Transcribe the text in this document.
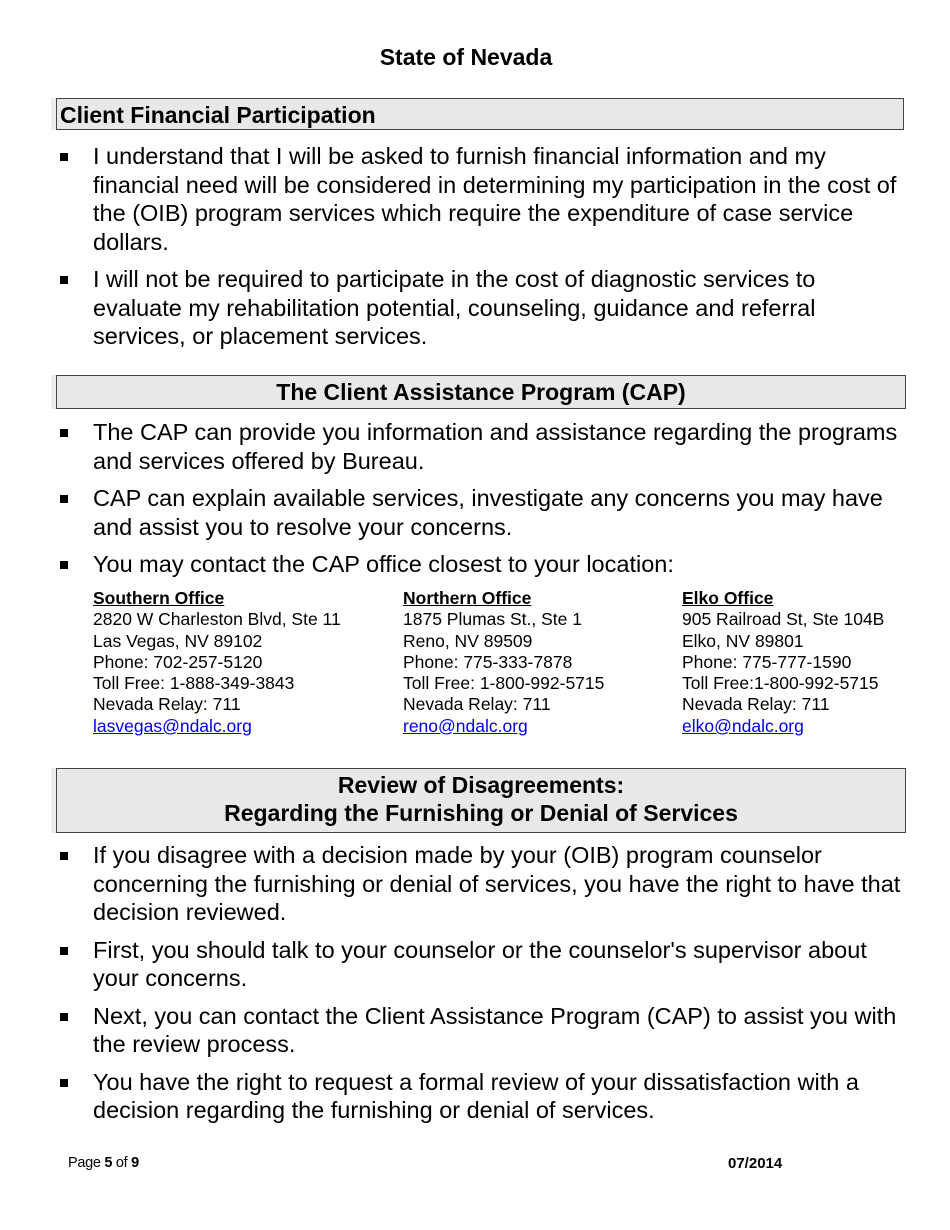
State of Nevada
Client Financial Participation
I understand that I will be asked to furnish financial information and my financial need will be considered in determining my participation in the cost of the (OIB) program services which require the expenditure of case service dollars.
I will not be required to participate in the cost of diagnostic services to evaluate my rehabilitation potential, counseling, guidance and referral services, or placement services.
The Client Assistance Program (CAP)
The CAP can provide you information and assistance regarding the programs and services offered by Bureau.
CAP can explain available services, investigate any concerns you may have and assist you to resolve your concerns.
You may contact the CAP office closest to your location:
Southern Office
2820 W Charleston Blvd, Ste 11
Las Vegas, NV 89102
Phone: 702-257-5120
Toll Free: 1-888-349-3843
Nevada Relay: 711
lasvegas@ndalc.org
Northern Office
1875 Plumas St., Ste 1
Reno, NV 89509
Phone: 775-333-7878
Toll Free: 1-800-992-5715
Nevada Relay: 711
reno@ndalc.org
Elko Office
905 Railroad St, Ste 104B
Elko, NV 89801
Phone: 775-777-1590
Toll Free:1-800-992-5715
Nevada Relay: 711
elko@ndalc.org
Review of Disagreements:
Regarding the Furnishing or Denial of Services
If you disagree with a decision made by your (OIB) program counselor concerning the furnishing or denial of services, you have the right to have that decision reviewed.
First, you should talk to your counselor or the counselor's supervisor about your concerns.
Next, you can contact the Client Assistance Program (CAP) to assist you with the review process.
You have the right to request a formal review of your dissatisfaction with a decision regarding the furnishing or denial of services.
Page 5 of 9	07/2014
